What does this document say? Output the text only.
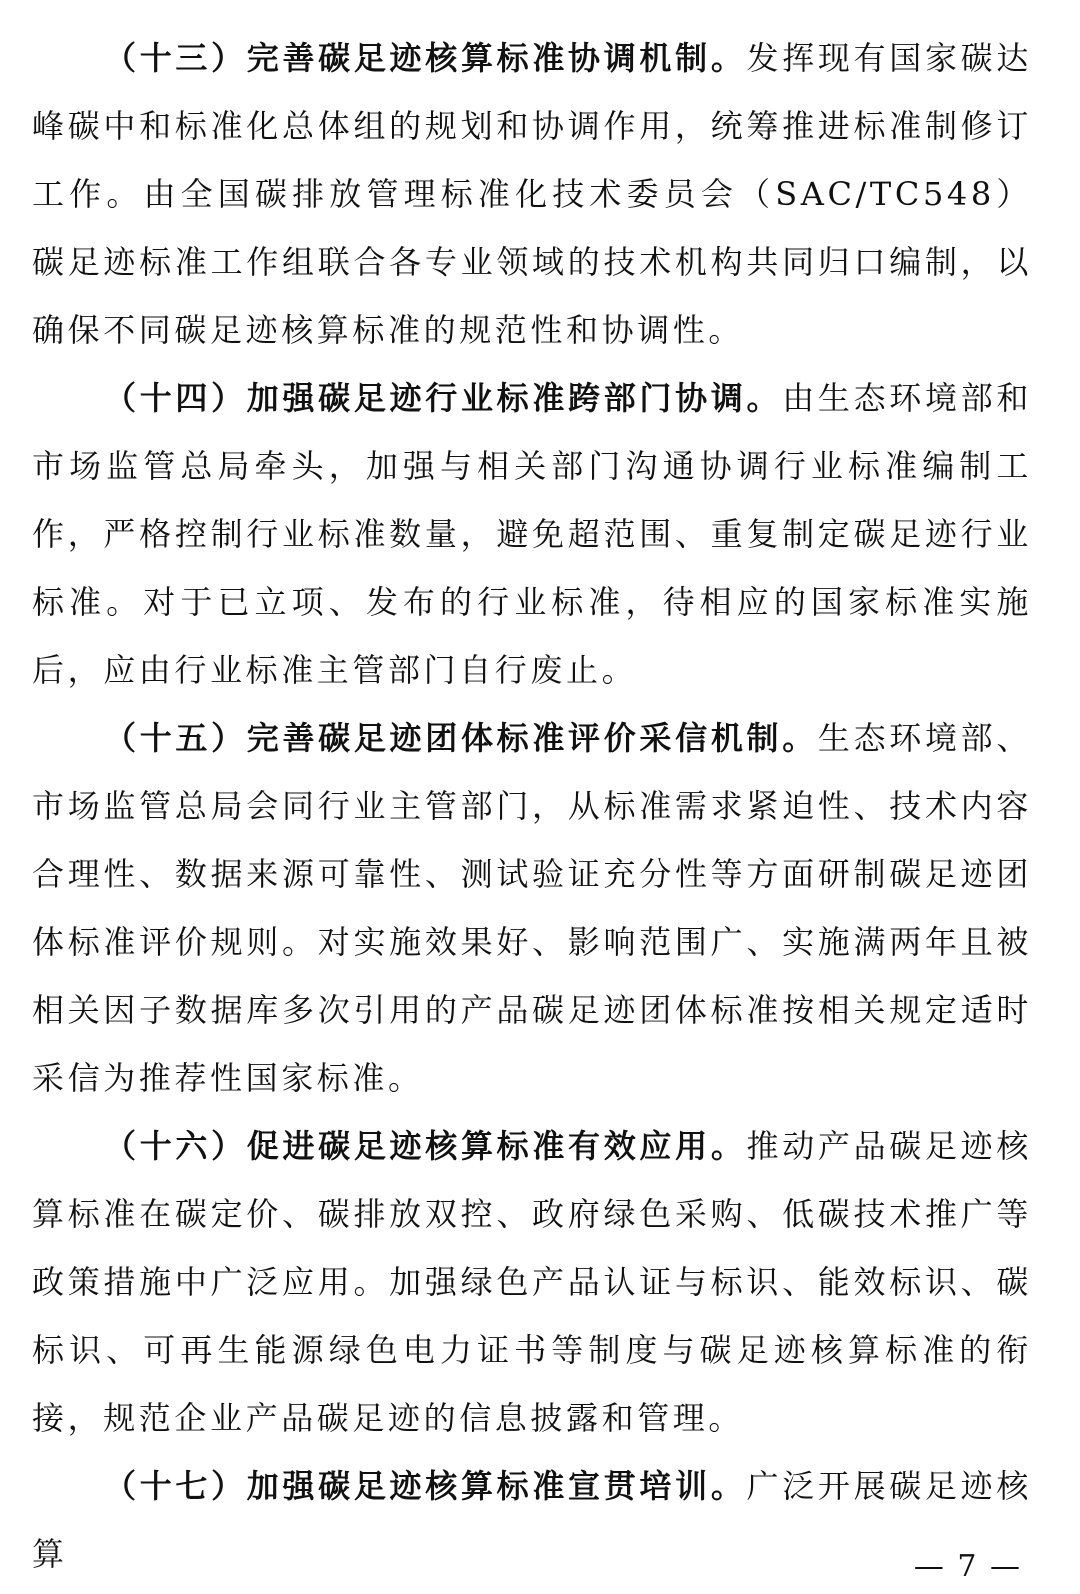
（十三）完善碳足迹核算标准协调机制。发挥现有国家碳达峰碳中和标准化总体组的规划和协调作用，统筹推进标准制修订工作。由全国碳排放管理标准化技术委员会（SAC/TC548）碳足迹标准工作组联合各专业领域的技术机构共同归口编制，以确保不同碳足迹核算标准的规范性和协调性。

（十四）加强碳足迹行业标准跨部门协调。由生态环境部和市场监管总局牵头，加强与相关部门沟通协调行业标准编制工作，严格控制行业标准数量，避免超范围、重复制定碳足迹行业标准。对于已立项、发布的行业标准，待相应的国家标准实施后，应由行业标准主管部门自行废止。

（十五）完善碳足迹团体标准评价采信机制。生态环境部、市场监管总局会同行业主管部门，从标准需求紧迫性、技术内容合理性、数据来源可靠性、测试验证充分性等方面研制碳足迹团体标准评价规则。对实施效果好、影响范围广、实施满两年且被相关因子数据库多次引用的产品碳足迹团体标准按相关规定适时采信为推荐性国家标准。

（十六）促进碳足迹核算标准有效应用。推动产品碳足迹核算标准在碳定价、碳排放双控、政府绿色采购、低碳技术推广等政策措施中广泛应用。加强绿色产品认证与标识、能效标识、碳标识、可再生能源绿色电力证书等制度与碳足迹核算标准的衔接，规范企业产品碳足迹的信息披露和管理。

（十七）加强碳足迹核算标准宣贯培训。广泛开展碳足迹核算	— 7 —
